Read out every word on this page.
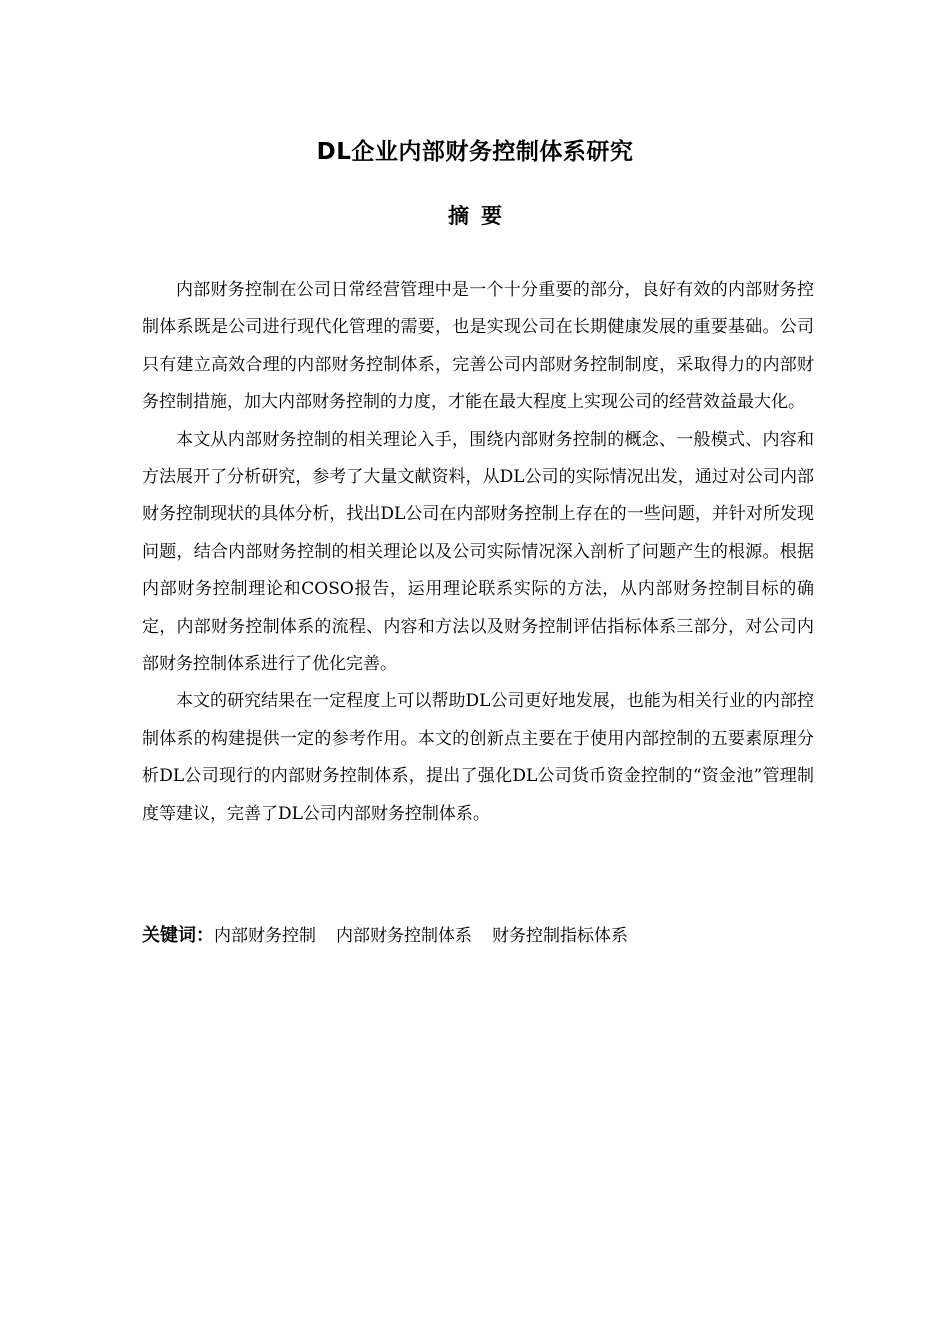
DL企业内部财务控制体系研究
摘 要

内部财务控制在公司日常经营管理中是一个十分重要的部分，良好有效的内部财务控制体系既是公司进行现代化管理的需要，也是实现公司在长期健康发展的重要基础。公司只有建立高效合理的内部财务控制体系，完善公司内部财务控制制度，采取得力的内部财务控制措施，加大内部财务控制的力度，才能在最大程度上实现公司的经营效益最大化。

本文从内部财务控制的相关理论入手，围绕内部财务控制的概念、一般模式、内容和方法展开了分析研究，参考了大量文献资料，从DL公司的实际情况出发，通过对公司内部财务控制现状的具体分析，找出DL公司在内部财务控制上存在的一些问题，并针对所发现问题，结合内部财务控制的相关理论以及公司实际情况深入剖析了问题产生的根源。根据内部财务控制理论和COSO报告，运用理论联系实际的方法，从内部财务控制目标的确定，内部财务控制体系的流程、内容和方法以及财务控制评估指标体系三部分，对公司内部财务控制体系进行了优化完善。

本文的研究结果在一定程度上可以帮助DL公司更好地发展，也能为相关行业的内部控制体系的构建提供一定的参考作用。本文的创新点主要在于使用内部控制的五要素原理分析DL公司现行的内部财务控制体系，提出了强化DL公司货币资金控制的“资金池”管理制度等建议，完善了DL公司内部财务控制体系。

关键词：内部财务控制 内部财务控制体系 财务控制指标体系
